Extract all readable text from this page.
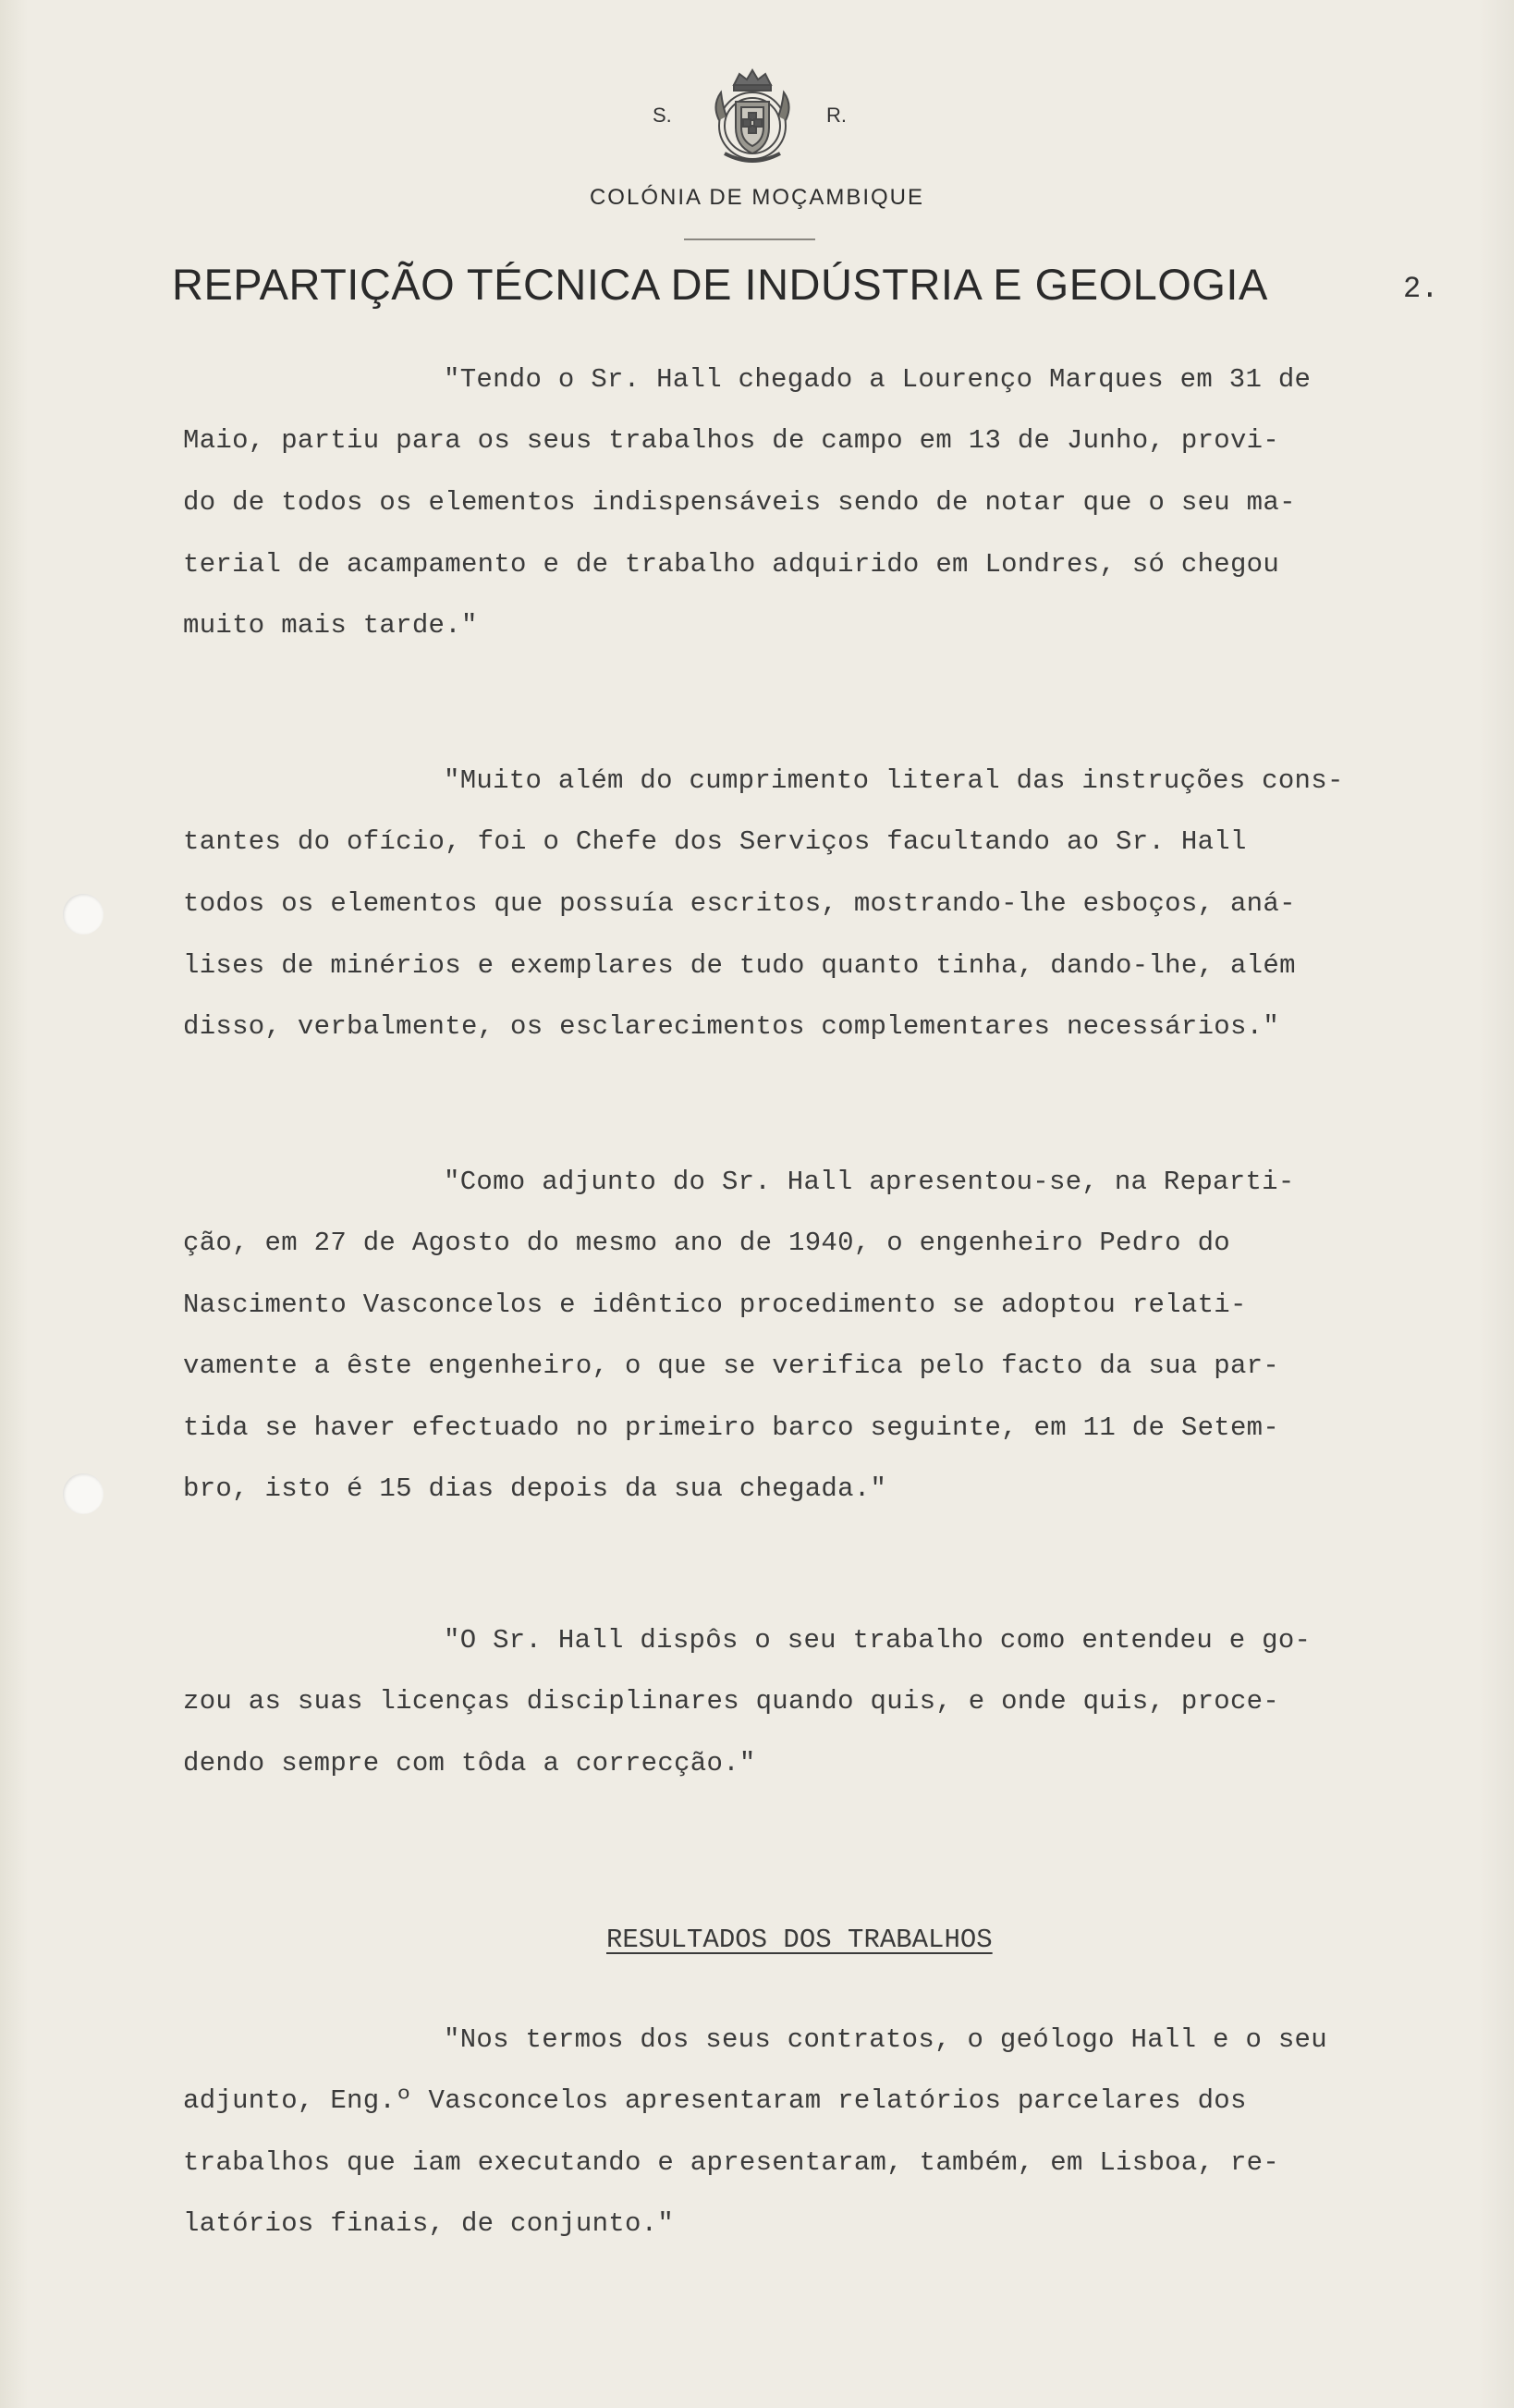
S.	R.
COLÓNIA DE MOÇAMBIQUE
REPARTIÇÃO TÉCNICA DE INDÚSTRIA E GEOLOGIA	2.
"Tendo o Sr. Hall chegado a Lourenço Marques em 31 de
Maio, partiu para os seus trabalhos de campo em 13 de Junho, provi-
do de todos os elementos indispensáveis sendo de notar que o seu ma-
terial de acampamento e de trabalho adquirido em Londres, só chegou
muito mais tarde."
"Muito além do cumprimento literal das instruções cons-
tantes do ofício, foi o Chefe dos Serviços facultando ao Sr. Hall
todos os elementos que possuía escritos, mostrando-lhe esboços, aná-
lises de minérios e exemplares de tudo quanto tinha, dando-lhe, além
disso, verbalmente, os esclarecimentos complementares necessários."
"Como adjunto do Sr. Hall apresentou-se, na Reparti-
ção, em 27 de Agosto do mesmo ano de 1940, o engenheiro Pedro do
Nascimento Vasconcelos e idêntico procedimento se adoptou relati-
vamente a êste engenheiro, o que se verifica pelo facto da sua par-
tida se haver efectuado no primeiro barco seguinte, em 11 de Setem-
bro, isto é 15 dias depois da sua chegada."
"O Sr. Hall dispôs o seu trabalho como entendeu e go-
zou as suas licenças disciplinares quando quis, e onde quis, proce-
dendo sempre com tôda a correcção."
RESULTADOS DOS TRABALHOS
"Nos termos dos seus contratos, o geólogo Hall e o seu
adjunto, Eng.º Vasconcelos apresentaram relatórios parcelares dos
trabalhos que iam executando e apresentaram, também, em Lisboa, re-
latórios finais, de conjunto."
